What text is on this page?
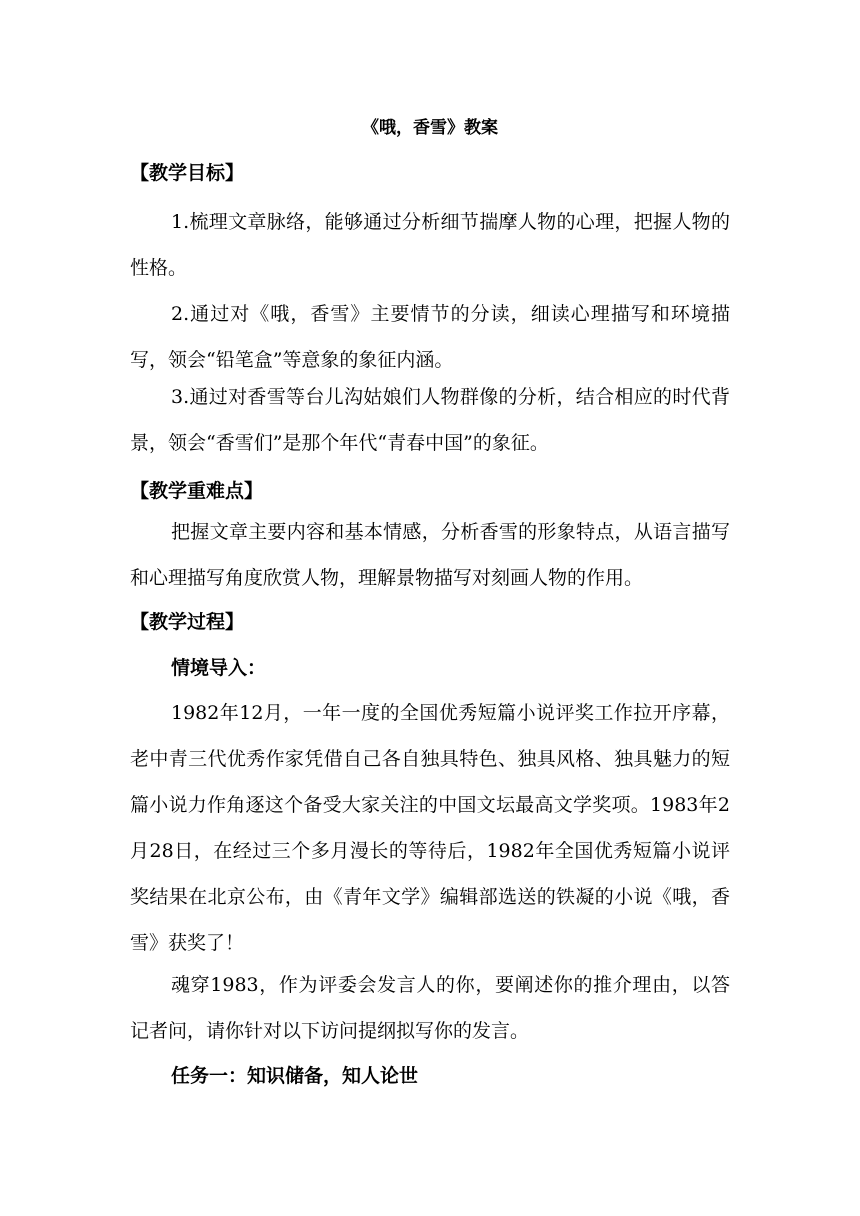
《哦，香雪》教案
【教学目标】
1.梳理文章脉络，能够通过分析细节揣摩人物的心理，把握人物的性格。
2.通过对《哦，香雪》主要情节的分读，细读心理描写和环境描写，领会“铅笔盒”等意象的象征内涵。
3.通过对香雪等台儿沟姑娘们人物群像的分析，结合相应的时代背景，领会“香雪们”是那个年代“青春中国”的象征。
【教学重难点】
把握文章主要内容和基本情感，分析香雪的形象特点，从语言描写和心理描写角度欣赏人物，理解景物描写对刻画人物的作用。
【教学过程】
情境导入：
1982年12月，一年一度的全国优秀短篇小说评奖工作拉开序幕，老中青三代优秀作家凭借自己各自独具特色、独具风格、独具魅力的短篇小说力作角逐这个备受大家关注的中国文坛最高文学奖项。1983年2月28日，在经过三个多月漫长的等待后，1982年全国优秀短篇小说评奖结果在北京公布，由《青年文学》编辑部选送的铁凝的小说《哦，香雪》获奖了！
魂穿1983，作为评委会发言人的你，要阐述你的推介理由，以答记者问，请你针对以下访问提纲拟写你的发言。
任务一：知识储备，知人论世
